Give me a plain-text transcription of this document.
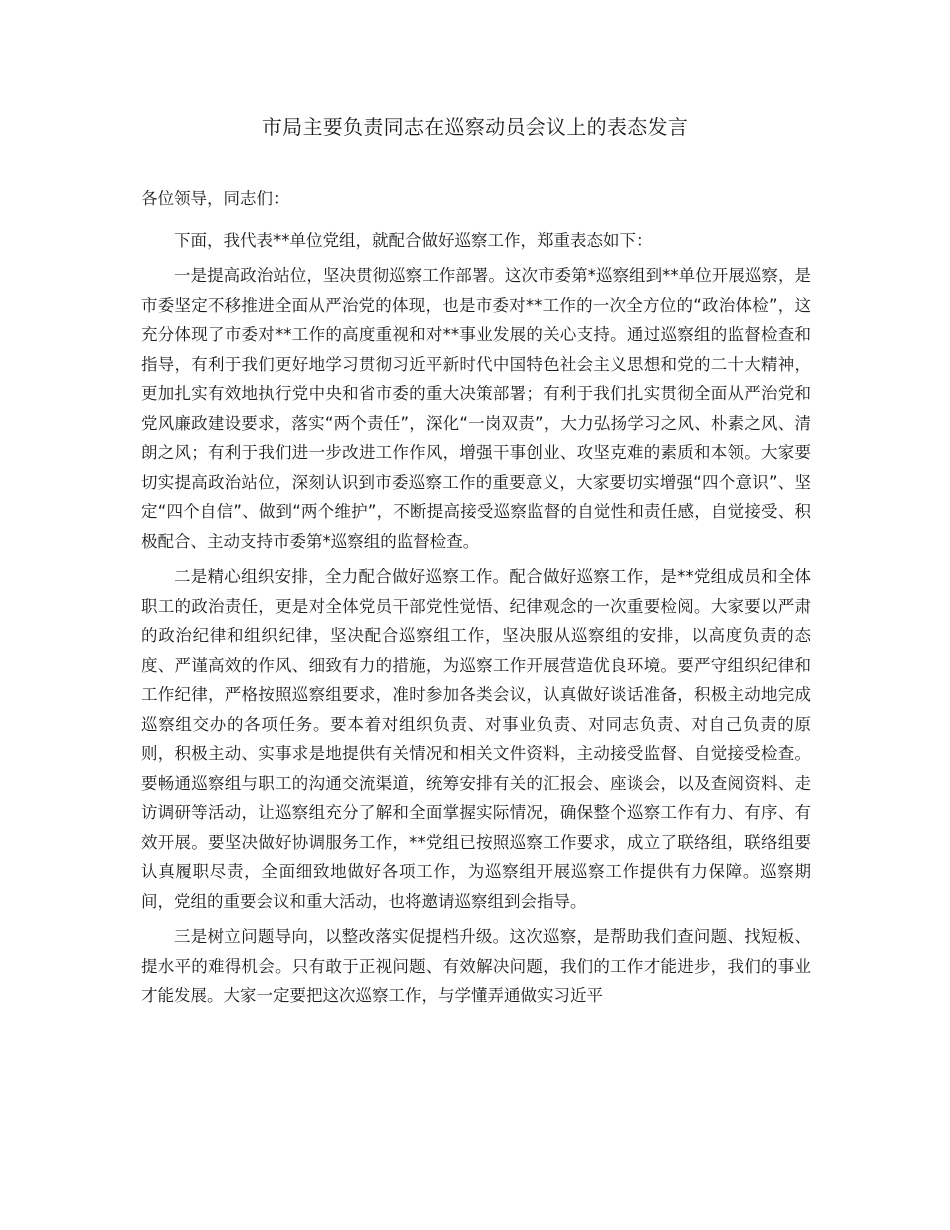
市局主要负责同志在巡察动员会议上的表态发言

各位领导，同志们：

下面，我代表**单位党组，就配合做好巡察工作，郑重表态如下：

一是提高政治站位，坚决贯彻巡察工作部署。这次市委第*巡察组到**单位开展巡察，是市委坚定不移推进全面从严治党的体现，也是市委对**工作的一次全方位的“政治体检”，这充分体现了市委对**工作的高度重视和对**事业发展的关心支持。通过巡察组的监督检查和指导，有利于我们更好地学习贯彻习近平新时代中国特色社会主义思想和党的二十大精神，更加扎实有效地执行党中央和省市委的重大决策部署；有利于我们扎实贯彻全面从严治党和党风廉政建设要求，落实“两个责任”，深化“一岗双责”，大力弘扬学习之风、朴素之风、清朗之风；有利于我们进一步改进工作作风，增强干事创业、攻坚克难的素质和本领。大家要切实提高政治站位，深刻认识到市委巡察工作的重要意义，大家要切实增强“四个意识”、坚定“四个自信”、做到“两个维护”，不断提高接受巡察监督的自觉性和责任感，自觉接受、积极配合、主动支持市委第*巡察组的监督检查。

二是精心组织安排，全力配合做好巡察工作。配合做好巡察工作，是**党组成员和全体职工的政治责任，更是对全体党员干部党性觉悟、纪律观念的一次重要检阅。大家要以严肃的政治纪律和组织纪律，坚决配合巡察组工作，坚决服从巡察组的安排，以高度负责的态度、严谨高效的作风、细致有力的措施，为巡察工作开展营造优良环境。要严守组织纪律和工作纪律，严格按照巡察组要求，准时参加各类会议，认真做好谈话准备，积极主动地完成巡察组交办的各项任务。要本着对组织负责、对事业负责、对同志负责、对自己负责的原则，积极主动、实事求是地提供有关情况和相关文件资料，主动接受监督、自觉接受检查。要畅通巡察组与职工的沟通交流渠道，统筹安排有关的汇报会、座谈会，以及查阅资料、走访调研等活动，让巡察组充分了解和全面掌握实际情况，确保整个巡察工作有力、有序、有效开展。要坚决做好协调服务工作，**党组已按照巡察工作要求，成立了联络组，联络组要认真履职尽责，全面细致地做好各项工作，为巡察组开展巡察工作提供有力保障。巡察期间，党组的重要会议和重大活动，也将邀请巡察组到会指导。

三是树立问题导向，以整改落实促提档升级。这次巡察，是帮助我们查问题、找短板、提水平的难得机会。只有敢于正视问题、有效解决问题，我们的工作才能进步，我们的事业才能发展。大家一定要把这次巡察工作，与学懂弄通做实习近平
